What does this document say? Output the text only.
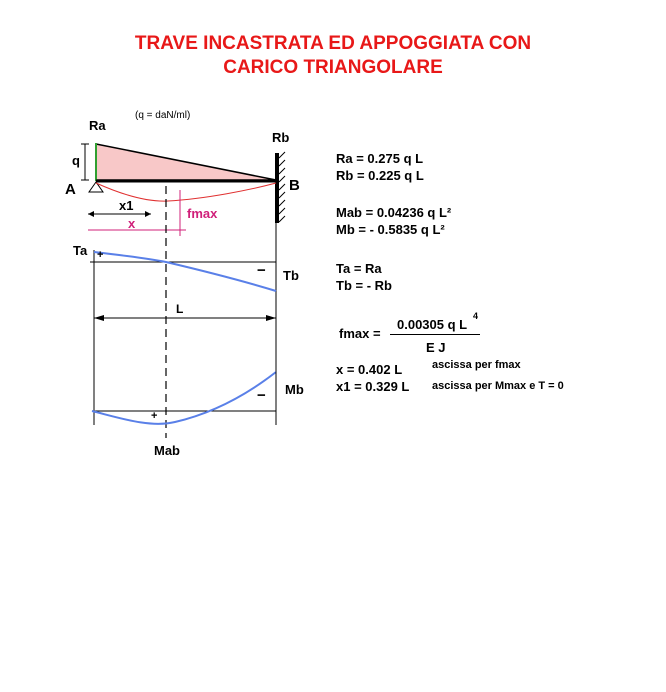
TRAVE INCASTRATA ED APPOGGIATA CON
CARICO TRIANGOLARE
(q = daN/ml)
Ra
Rb
q
A	B
x1
x
fmax
Ta +
− Tb
L
Mb
−
+
Mab
Ra = 0.275 q L
Rb = 0.225 q L
Mab = 0.04236 q L²
Mb = - 0.5835 q L²
Ta = Ra
Tb = - Rb
fmax =
0.00305 q L
4
E J
x = 0.402 L	ascissa per fmax
x1 = 0.329 L ascissa per Mmax e T = 0
